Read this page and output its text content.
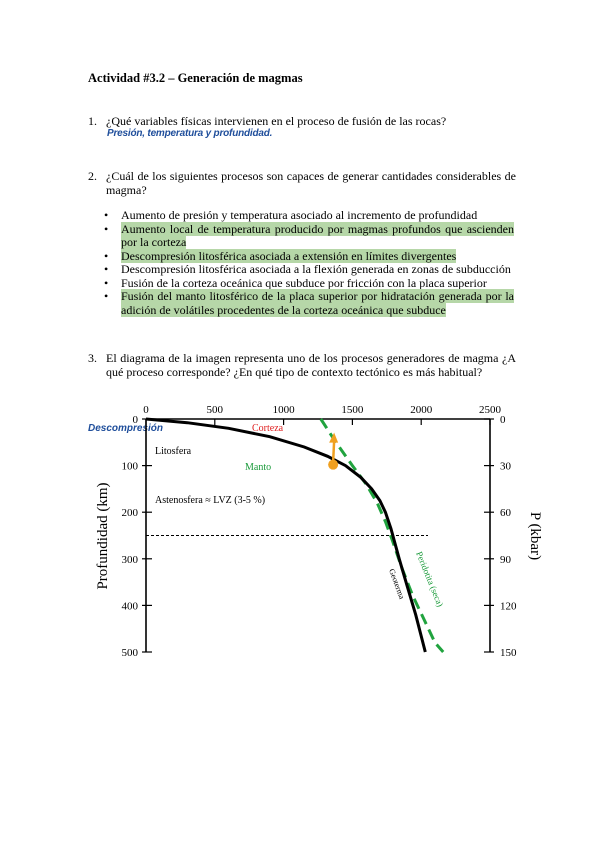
Actividad #3.2 – Generación de magmas
1. ¿Qué variables físicas intervienen en el proceso de fusión de las rocas?
Presión, temperatura y profundidad.
2. ¿Cuál de los siguientes procesos son capaces de generar cantidades considerables de magma?
• Aumento de presión y temperatura asociado al incremento de profundidad
• Aumento local de temperatura producido por magmas profundos que ascienden por la corteza
• Descompresión litosférica asociada a extensión en límites divergentes
• Descompresión litosférica asociada a la flexión generada en zonas de subducción
• Fusión de la corteza oceánica que subduce por fricción con la placa superior
• Fusión del manto litosférico de la placa superior por hidratación generada por la adición de volátiles procedentes de la corteza oceánica que subduce
3. El diagrama de la imagen representa uno de los procesos generadores de magma ¿A qué proceso corresponde? ¿En qué tipo de contexto tectónico es más habitual?
Descompresión
0	500	1000	1500	2000	2500
0
100
200
300
400
500
0
30
60
90
120
150
Profundidad (km)	P (kbar)
Corteza
Litosfera
Manto
Astenosfera ≈ LVZ (3-5 %)
Peridotita (seca)
Geoterma
